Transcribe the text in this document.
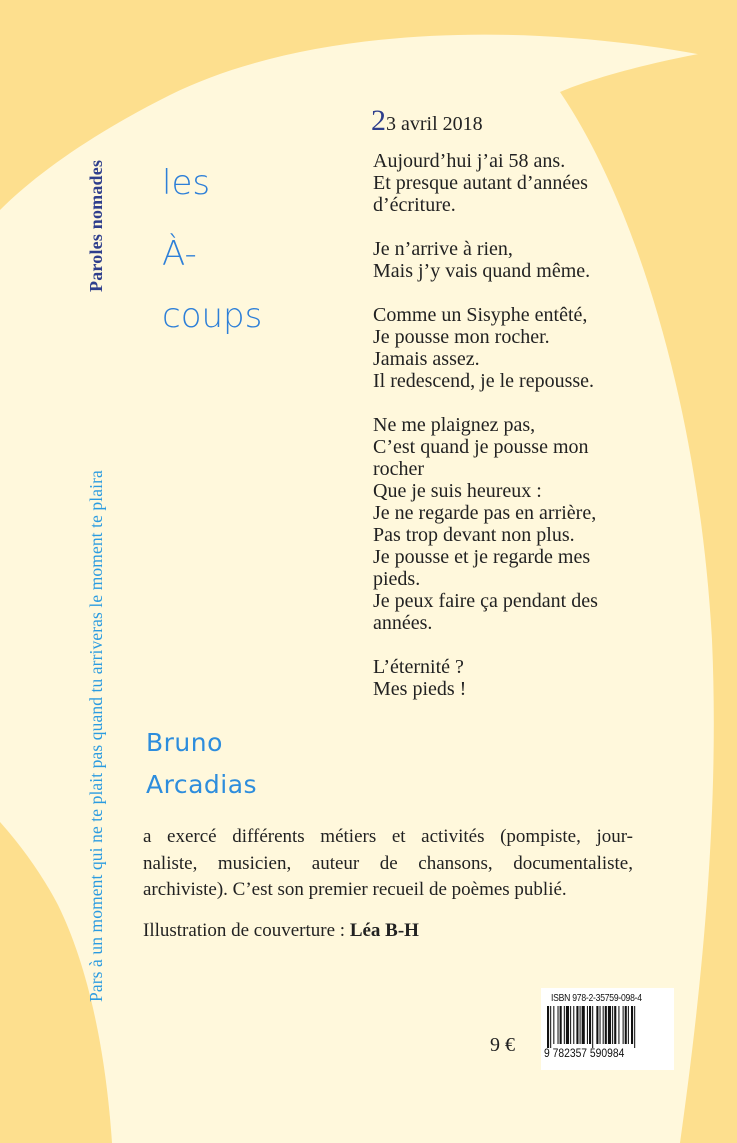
Paroles nomades
Pars à un moment qui ne te plait pas quand tu arriveras le moment te plaira
les
À-
coups
23 avril 2018
Aujourd’hui j’ai 58 ans.
Et presque autant d’années
d’écriture.
Je n’arrive à rien,
Mais j’y vais quand même.
Comme un Sisyphe entêté,
Je pousse mon rocher.
Jamais assez.
Il redescend, je le repousse.
Ne me plaignez pas,
C’est quand je pousse mon
rocher
Que je suis heureux :
Je ne regarde pas en arrière,
Pas trop devant non plus.
Je pousse et je regarde mes
pieds.
Je peux faire ça pendant des
années.
L’éternité ?
Mes pieds !
Bruno
Arcadias
a exercé différents métiers et activités (pompiste, jour-
naliste, musicien, auteur de chansons, documentaliste,
archiviste). C’est son premier recueil de poèmes publié.
Illustration de couverture : Léa B-H
9 €
ISBN 978-2-35759-098-4
9 782357 590984
